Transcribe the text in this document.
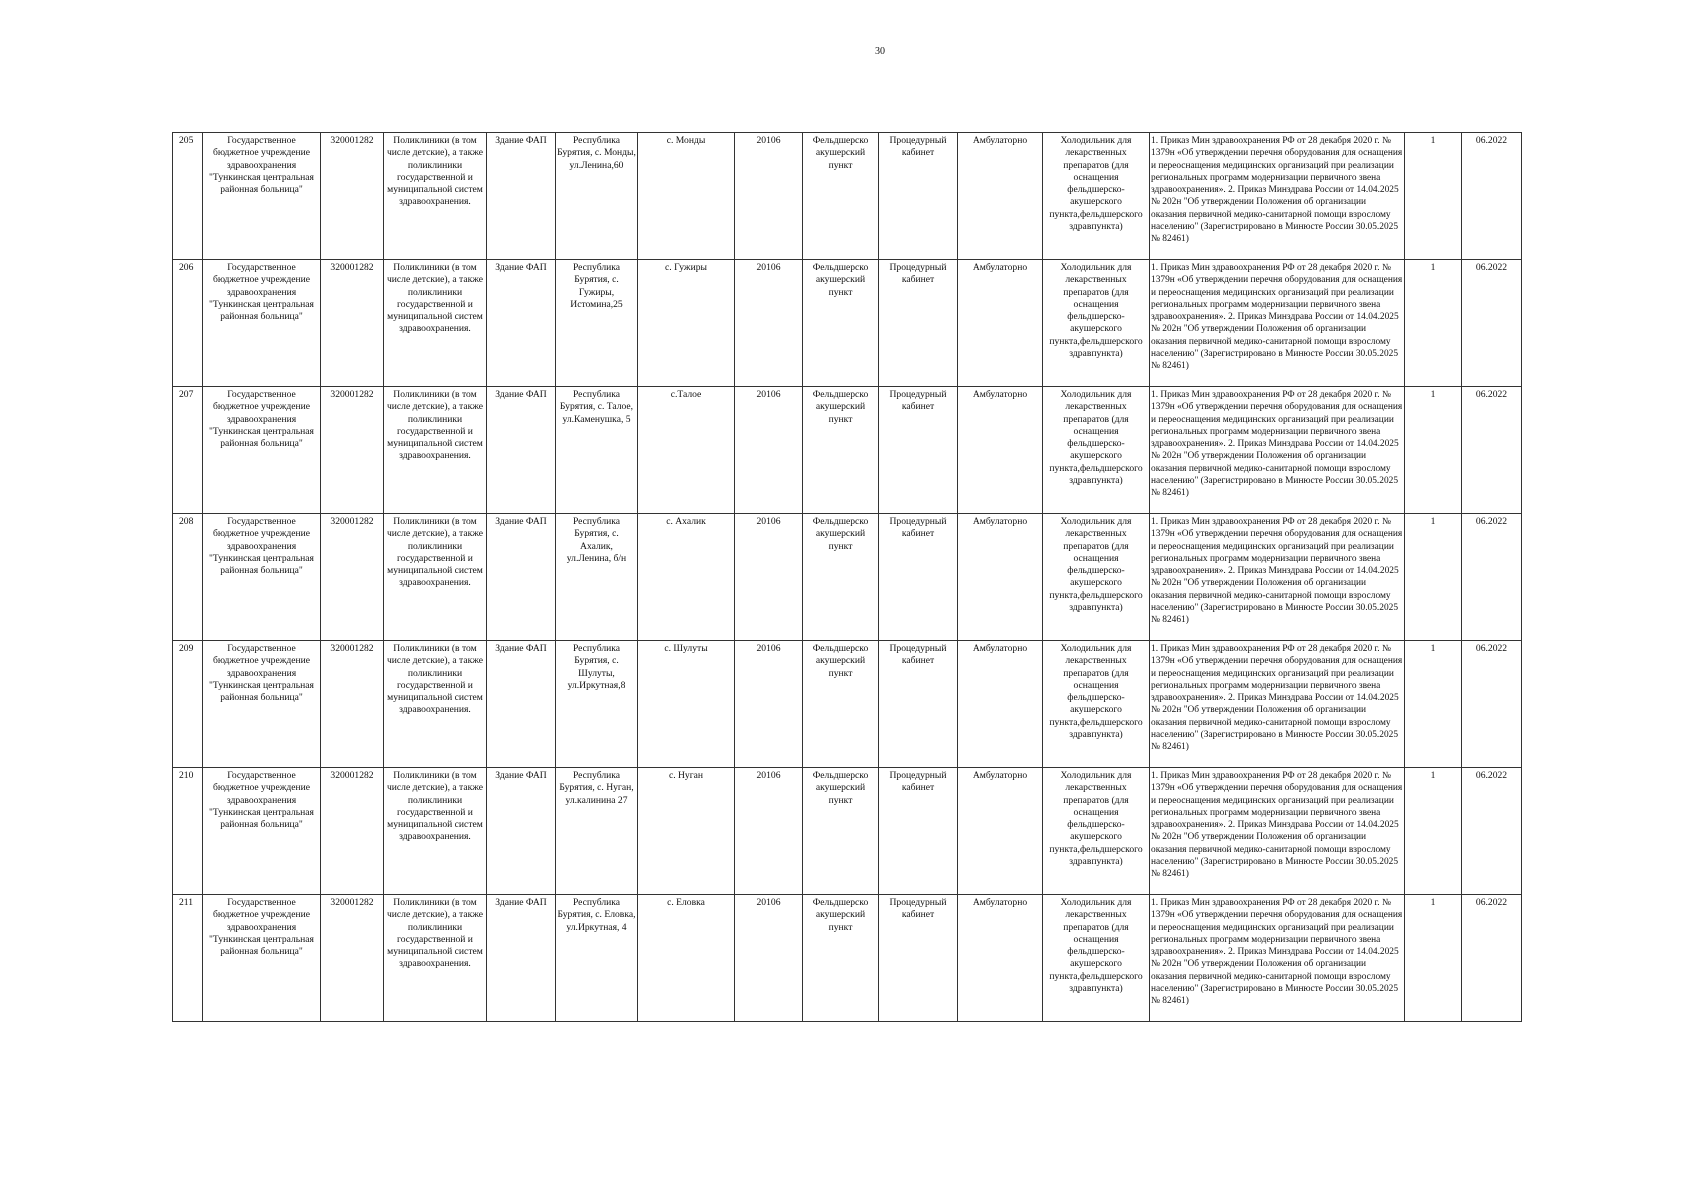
30
205	Государственное бюджетное учреждение здравоохранения "Тункинская центральная районная больница"	320001282	Поликлиники (в том числе детские), а также поликлиники государственной и муниципальной систем здравоохранения.	Здание ФАП	Республика Бурятия, с. Монды, ул.Ленина,60	с. Монды	20106	Фельдшерско акушерский пункт	Процедурный кабинет	Амбулаторно	Холодильник для лекарственных препаратов (для оснащения фельдшерско-акушерского пункта,фельдшерского здравпункта)	1. Приказ Мин здравоохранения РФ от 28 декабря 2020 г. № 1379н «Об утверждении перечня оборудования для оснащения и переоснащения медицинских организаций при реализации региональных программ модернизации первичного звена здравоохранения». 2. Приказ Минздрава России от 14.04.2025 № 202н "Об утверждении Положения об организации оказания первичной медико-санитарной помощи взрослому населению" (Зарегистрировано в Минюсте России 30.05.2025 № 82461)	1	06.2022
206	Государственное бюджетное учреждение здравоохранения "Тункинская центральная районная больница"	320001282	Поликлиники (в том числе детские), а также поликлиники государственной и муниципальной систем здравоохранения.	Здание ФАП	Республика Бурятия, с. Гужиры, Истомина,25	с. Гужиры	20106	Фельдшерско акушерский пункт	Процедурный кабинет	Амбулаторно	Холодильник для лекарственных препаратов (для оснащения фельдшерско-акушерского пункта,фельдшерского здравпункта)	1. Приказ Мин здравоохранения РФ от 28 декабря 2020 г. № 1379н «Об утверждении перечня оборудования для оснащения и переоснащения медицинских организаций при реализации региональных программ модернизации первичного звена здравоохранения». 2. Приказ Минздрава России от 14.04.2025 № 202н "Об утверждении Положения об организации оказания первичной медико-санитарной помощи взрослому населению" (Зарегистрировано в Минюсте России 30.05.2025 № 82461)	1	06.2022
207	Государственное бюджетное учреждение здравоохранения "Тункинская центральная районная больница"	320001282	Поликлиники (в том числе детские), а также поликлиники государственной и муниципальной систем здравоохранения.	Здание ФАП	Республика Бурятия, с. Талое, ул.Каменушка, 5	с.Талое	20106	Фельдшерско акушерский пункт	Процедурный кабинет	Амбулаторно	Холодильник для лекарственных препаратов (для оснащения фельдшерско-акушерского пункта,фельдшерского здравпункта)	1. Приказ Мин здравоохранения РФ от 28 декабря 2020 г. № 1379н «Об утверждении перечня оборудования для оснащения и переоснащения медицинских организаций при реализации региональных программ модернизации первичного звена здравоохранения». 2. Приказ Минздрава России от 14.04.2025 № 202н "Об утверждении Положения об организации оказания первичной медико-санитарной помощи взрослому населению" (Зарегистрировано в Минюсте России 30.05.2025 № 82461)	1	06.2022
208	Государственное бюджетное учреждение здравоохранения "Тункинская центральная районная больница"	320001282	Поликлиники (в том числе детские), а также поликлиники государственной и муниципальной систем здравоохранения.	Здание ФАП	Республика Бурятия, с. Ахалик, ул.Ленина, б/н	с. Ахалик	20106	Фельдшерско акушерский пункт	Процедурный кабинет	Амбулаторно	Холодильник для лекарственных препаратов (для оснащения фельдшерско-акушерского пункта,фельдшерского здравпункта)	1. Приказ Мин здравоохранения РФ от 28 декабря 2020 г. № 1379н «Об утверждении перечня оборудования для оснащения и переоснащения медицинских организаций при реализации региональных программ модернизации первичного звена здравоохранения». 2. Приказ Минздрава России от 14.04.2025 № 202н "Об утверждении Положения об организации оказания первичной медико-санитарной помощи взрослому населению" (Зарегистрировано в Минюсте России 30.05.2025 № 82461)	1	06.2022
209	Государственное бюджетное учреждение здравоохранения "Тункинская центральная районная больница"	320001282	Поликлиники (в том числе детские), а также поликлиники государственной и муниципальной систем здравоохранения.	Здание ФАП	Республика Бурятия, с. Шулуты, ул.Иркутная,8	с. Шулуты	20106	Фельдшерско акушерский пункт	Процедурный кабинет	Амбулаторно	Холодильник для лекарственных препаратов (для оснащения фельдшерско-акушерского пункта,фельдшерского здравпункта)	1. Приказ Мин здравоохранения РФ от 28 декабря 2020 г. № 1379н «Об утверждении перечня оборудования для оснащения и переоснащения медицинских организаций при реализации региональных программ модернизации первичного звена здравоохранения». 2. Приказ Минздрава России от 14.04.2025 № 202н "Об утверждении Положения об организации оказания первичной медико-санитарной помощи взрослому населению" (Зарегистрировано в Минюсте России 30.05.2025 № 82461)	1	06.2022
210	Государственное бюджетное учреждение здравоохранения "Тункинская центральная районная больница"	320001282	Поликлиники (в том числе детские), а также поликлиники государственной и муниципальной систем здравоохранения.	Здание ФАП	Республика Бурятия, с. Нуган, ул.калинина 27	с. Нуган	20106	Фельдшерско акушерский пункт	Процедурный кабинет	Амбулаторно	Холодильник для лекарственных препаратов (для оснащения фельдшерско-акушерского пункта,фельдшерского здравпункта)	1. Приказ Мин здравоохранения РФ от 28 декабря 2020 г. № 1379н «Об утверждении перечня оборудования для оснащения и переоснащения медицинских организаций при реализации региональных программ модернизации первичного звена здравоохранения». 2. Приказ Минздрава России от 14.04.2025 № 202н "Об утверждении Положения об организации оказания первичной медико-санитарной помощи взрослому населению" (Зарегистрировано в Минюсте России 30.05.2025 № 82461)	1	06.2022
211	Государственное бюджетное учреждение здравоохранения "Тункинская центральная районная больница"	320001282	Поликлиники (в том числе детские), а также поликлиники государственной и муниципальной систем здравоохранения.	Здание ФАП	Республика Бурятия, с. Еловка, ул.Иркутная, 4	с. Еловка	20106	Фельдшерско акушерский пункт	Процедурный кабинет	Амбулаторно	Холодильник для лекарственных препаратов (для оснащения фельдшерско-акушерского пункта,фельдшерского здравпункта)	1. Приказ Мин здравоохранения РФ от 28 декабря 2020 г. № 1379н «Об утверждении перечня оборудования для оснащения и переоснащения медицинских организаций при реализации региональных программ модернизации первичного звена здравоохранения». 2. Приказ Минздрава России от 14.04.2025 № 202н "Об утверждении Положения об организации оказания первичной медико-санитарной помощи взрослому населению" (Зарегистрировано в Минюсте России 30.05.2025 № 82461)	1	06.2022
